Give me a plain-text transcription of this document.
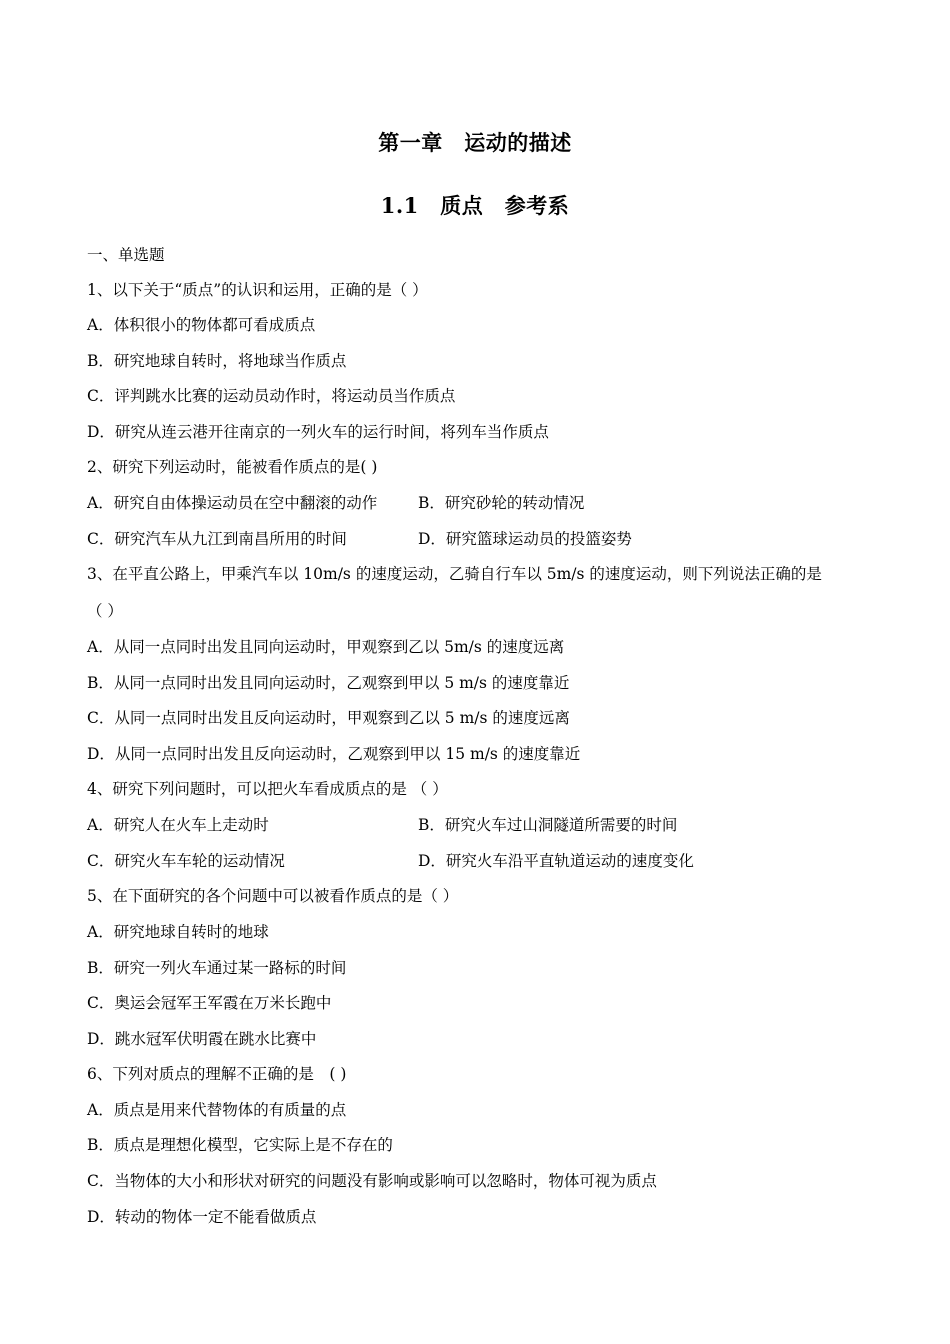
第一章　运动的描述
1.1　质点　参考系
一、单选题
1、以下关于“质点”的认识和运用，正确的是（ ）
A．体积很小的物体都可看成质点
B．研究地球自转时，将地球当作质点
C．评判跳水比赛的运动员动作时，将运动员当作质点
D．研究从连云港开往南京的一列火车的运行时间，将列车当作质点
2、研究下列运动时，能被看作质点的是( )
A．研究自由体操运动员在空中翻滚的动作	B．研究砂轮的转动情况
C．研究汽车从九江到南昌所用的时间	D．研究篮球运动员的投篮姿势
3、在平直公路上，甲乘汽车以 10m/s 的速度运动，乙骑自行车以 5m/s 的速度运动，则下列说法正确的是
（ ）
A．从同一点同时出发且同向运动时，甲观察到乙以 5m/s 的速度远离
B．从同一点同时出发且同向运动时，乙观察到甲以 5 m/s 的速度靠近
C．从同一点同时出发且反向运动时，甲观察到乙以 5 m/s 的速度远离
D．从同一点同时出发且反向运动时，乙观察到甲以 15 m/s 的速度靠近
4、研究下列问题时，可以把火车看成质点的是 （ ）
A．研究人在火车上走动时	B．研究火车过山洞隧道所需要的时间
C．研究火车车轮的运动情况	D．研究火车沿平直轨道运动的速度变化
5、在下面研究的各个问题中可以被看作质点的是（ ）
A．研究地球自转时的地球
B．研究一列火车通过某一路标的时间
C．奥运会冠军王军霞在万米长跑中
D．跳水冠军伏明霞在跳水比赛中
6、下列对质点的理解不正确的是　( )
A．质点是用来代替物体的有质量的点
B．质点是理想化模型，它实际上是不存在的
C．当物体的大小和形状对研究的问题没有影响或影响可以忽略时，物体可视为质点
D．转动的物体一定不能看做质点
